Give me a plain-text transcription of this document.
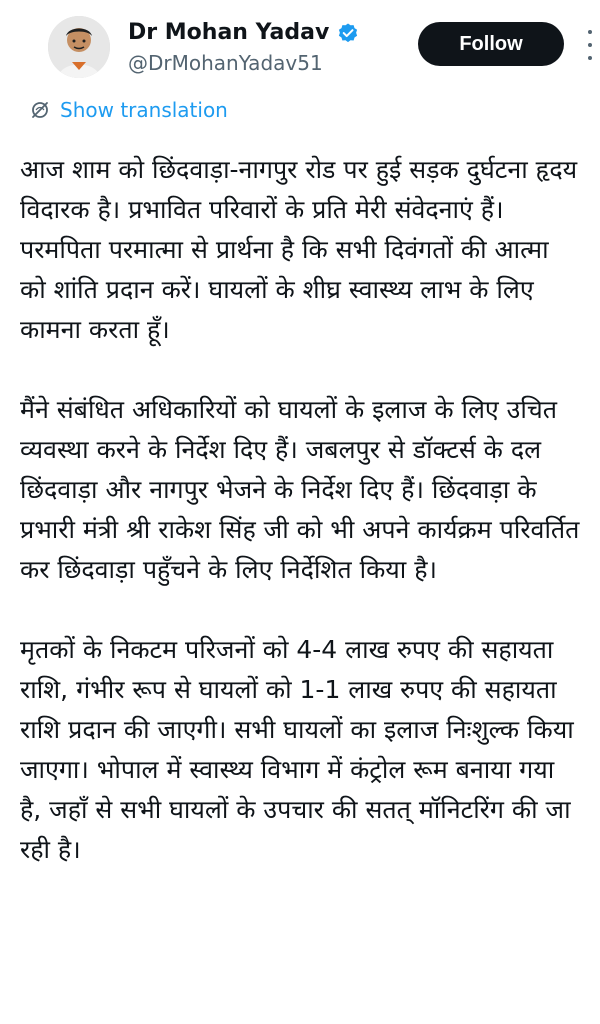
Dr Mohan Yadav
@DrMohanYadav51
Follow
Show translation

आज शाम को छिंदवाड़ा-नागपुर रोड पर हुई सड़क दुर्घटना हृदय विदारक है। प्रभावित परिवारों के प्रति मेरी संवेदनाएं हैं। परमपिता परमात्मा से प्रार्थना है कि सभी दिवंगतों की आत्मा को शांति प्रदान करें। घायलों के शीघ्र स्वास्थ्य लाभ के लिए कामना करता हूँ।

मैंने संबंधित अधिकारियों को घायलों के इलाज के लिए उचित व्यवस्था करने के निर्देश दिए हैं। जबलपुर से डॉक्टर्स के दल छिंदवाड़ा और नागपुर भेजने के निर्देश दिए हैं। छिंदवाड़ा के प्रभारी मंत्री श्री राकेश सिंह जी को भी अपने कार्यक्रम परिवर्तित कर छिंदवाड़ा पहुँचने के लिए निर्देशित किया है।

मृतकों के निकटम परिजनों को 4-4 लाख रुपए की सहायता राशि, गंभीर रूप से घायलों को 1-1 लाख रुपए की सहायता राशि प्रदान की जाएगी। सभी घायलों का इलाज निःशुल्क किया जाएगा। भोपाल में स्वास्थ्य विभाग में कंट्रोल रूम बनाया गया है, जहाँ से सभी घायलों के उपचार की सतत् मॉनिटरिंग की जा रही है।
